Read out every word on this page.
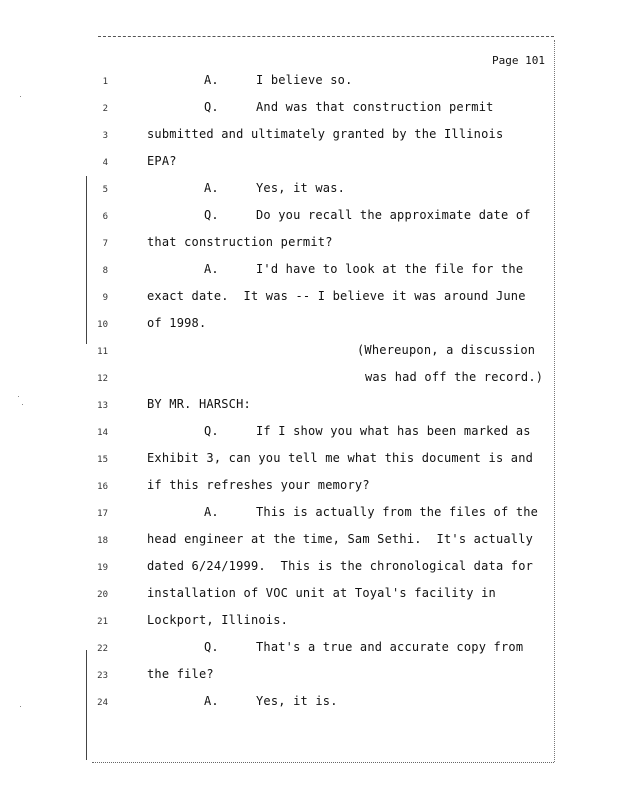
Page 101
1	A.     I believe so.
2	Q.     And was that construction permit
3	submitted and ultimately granted by the Illinois
4	EPA?
5	A.     Yes, it was.
6	Q.     Do you recall the approximate date of
7	that construction permit?
8	A.     I'd have to look at the file for the
9	exact date.  It was -- I believe it was around June
10	of 1998.
11	(Whereupon, a discussion
12	was had off the record.)
13	BY MR. HARSCH:
14	Q.     If I show you what has been marked as
15	Exhibit 3, can you tell me what this document is and
16	if this refreshes your memory?
17	A.     This is actually from the files of the
18	head engineer at the time, Sam Sethi.  It's actually
19	dated 6/24/1999.  This is the chronological data for
20	installation of VOC unit at Toyal's facility in
21	Lockport, Illinois.
22	Q.     That's a true and accurate copy from
23	the file?
24	A.     Yes, it is.
